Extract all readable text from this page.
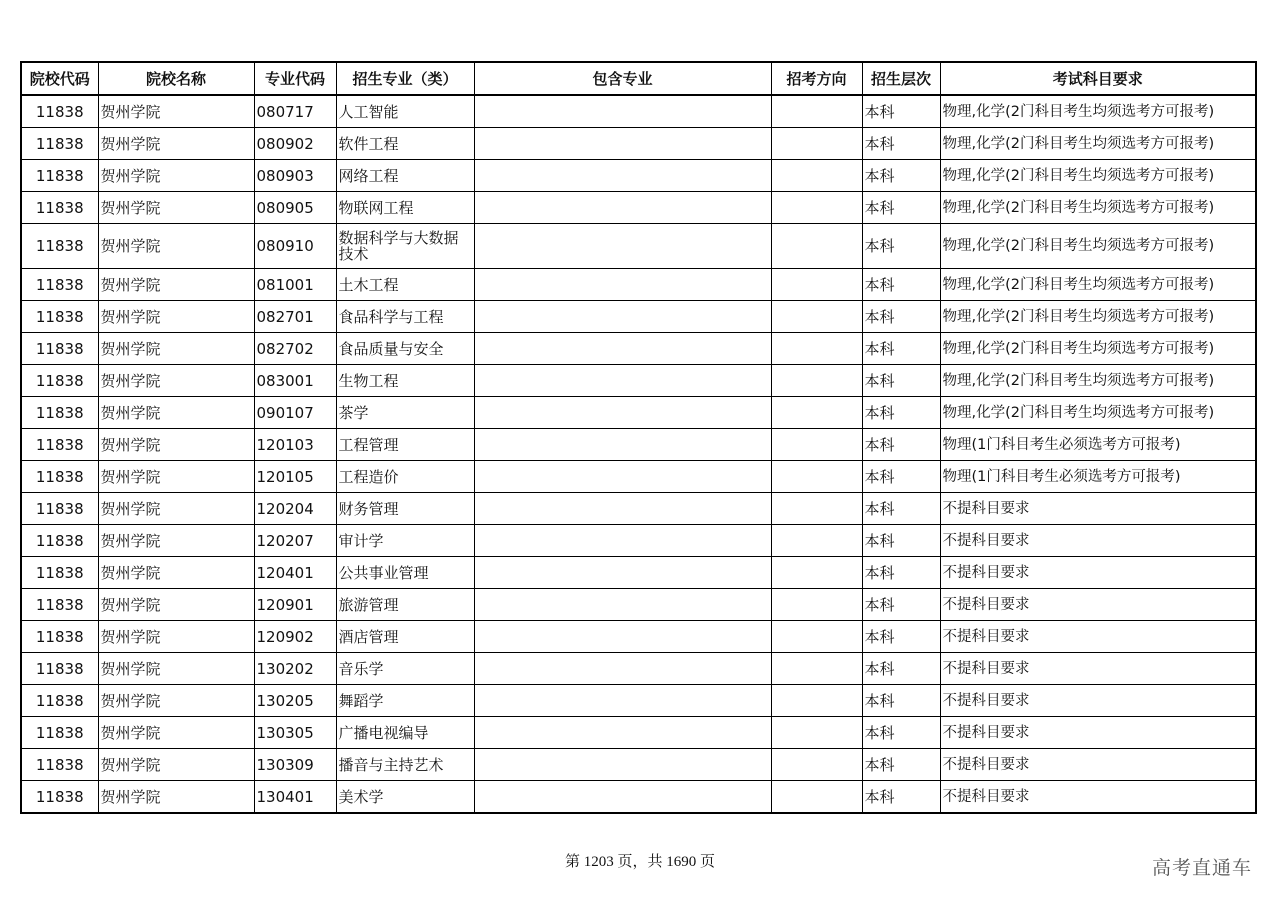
院校代码	院校名称	专业代码	招生专业（类）	包含专业	招考方向	招生层次	考试科目要求
11838	贺州学院	080717	人工智能			本科	物理,化学(2门科目考生均须选考方可报考)
11838	贺州学院	080902	软件工程			本科	物理,化学(2门科目考生均须选考方可报考)
11838	贺州学院	080903	网络工程			本科	物理,化学(2门科目考生均须选考方可报考)
11838	贺州学院	080905	物联网工程			本科	物理,化学(2门科目考生均须选考方可报考)
11838	贺州学院	080910	数据科学与大数据技术			本科	物理,化学(2门科目考生均须选考方可报考)
11838	贺州学院	081001	土木工程			本科	物理,化学(2门科目考生均须选考方可报考)
11838	贺州学院	082701	食品科学与工程			本科	物理,化学(2门科目考生均须选考方可报考)
11838	贺州学院	082702	食品质量与安全			本科	物理,化学(2门科目考生均须选考方可报考)
11838	贺州学院	083001	生物工程			本科	物理,化学(2门科目考生均须选考方可报考)
11838	贺州学院	090107	茶学			本科	物理,化学(2门科目考生均须选考方可报考)
11838	贺州学院	120103	工程管理			本科	物理(1门科目考生必须选考方可报考)
11838	贺州学院	120105	工程造价			本科	物理(1门科目考生必须选考方可报考)
11838	贺州学院	120204	财务管理			本科	不提科目要求
11838	贺州学院	120207	审计学			本科	不提科目要求
11838	贺州学院	120401	公共事业管理			本科	不提科目要求
11838	贺州学院	120901	旅游管理			本科	不提科目要求
11838	贺州学院	120902	酒店管理			本科	不提科目要求
11838	贺州学院	130202	音乐学			本科	不提科目要求
11838	贺州学院	130205	舞蹈学			本科	不提科目要求
11838	贺州学院	130305	广播电视编导			本科	不提科目要求
11838	贺州学院	130309	播音与主持艺术			本科	不提科目要求
11838	贺州学院	130401	美术学			本科	不提科目要求
第 1203 页，共 1690 页	高考直通车
